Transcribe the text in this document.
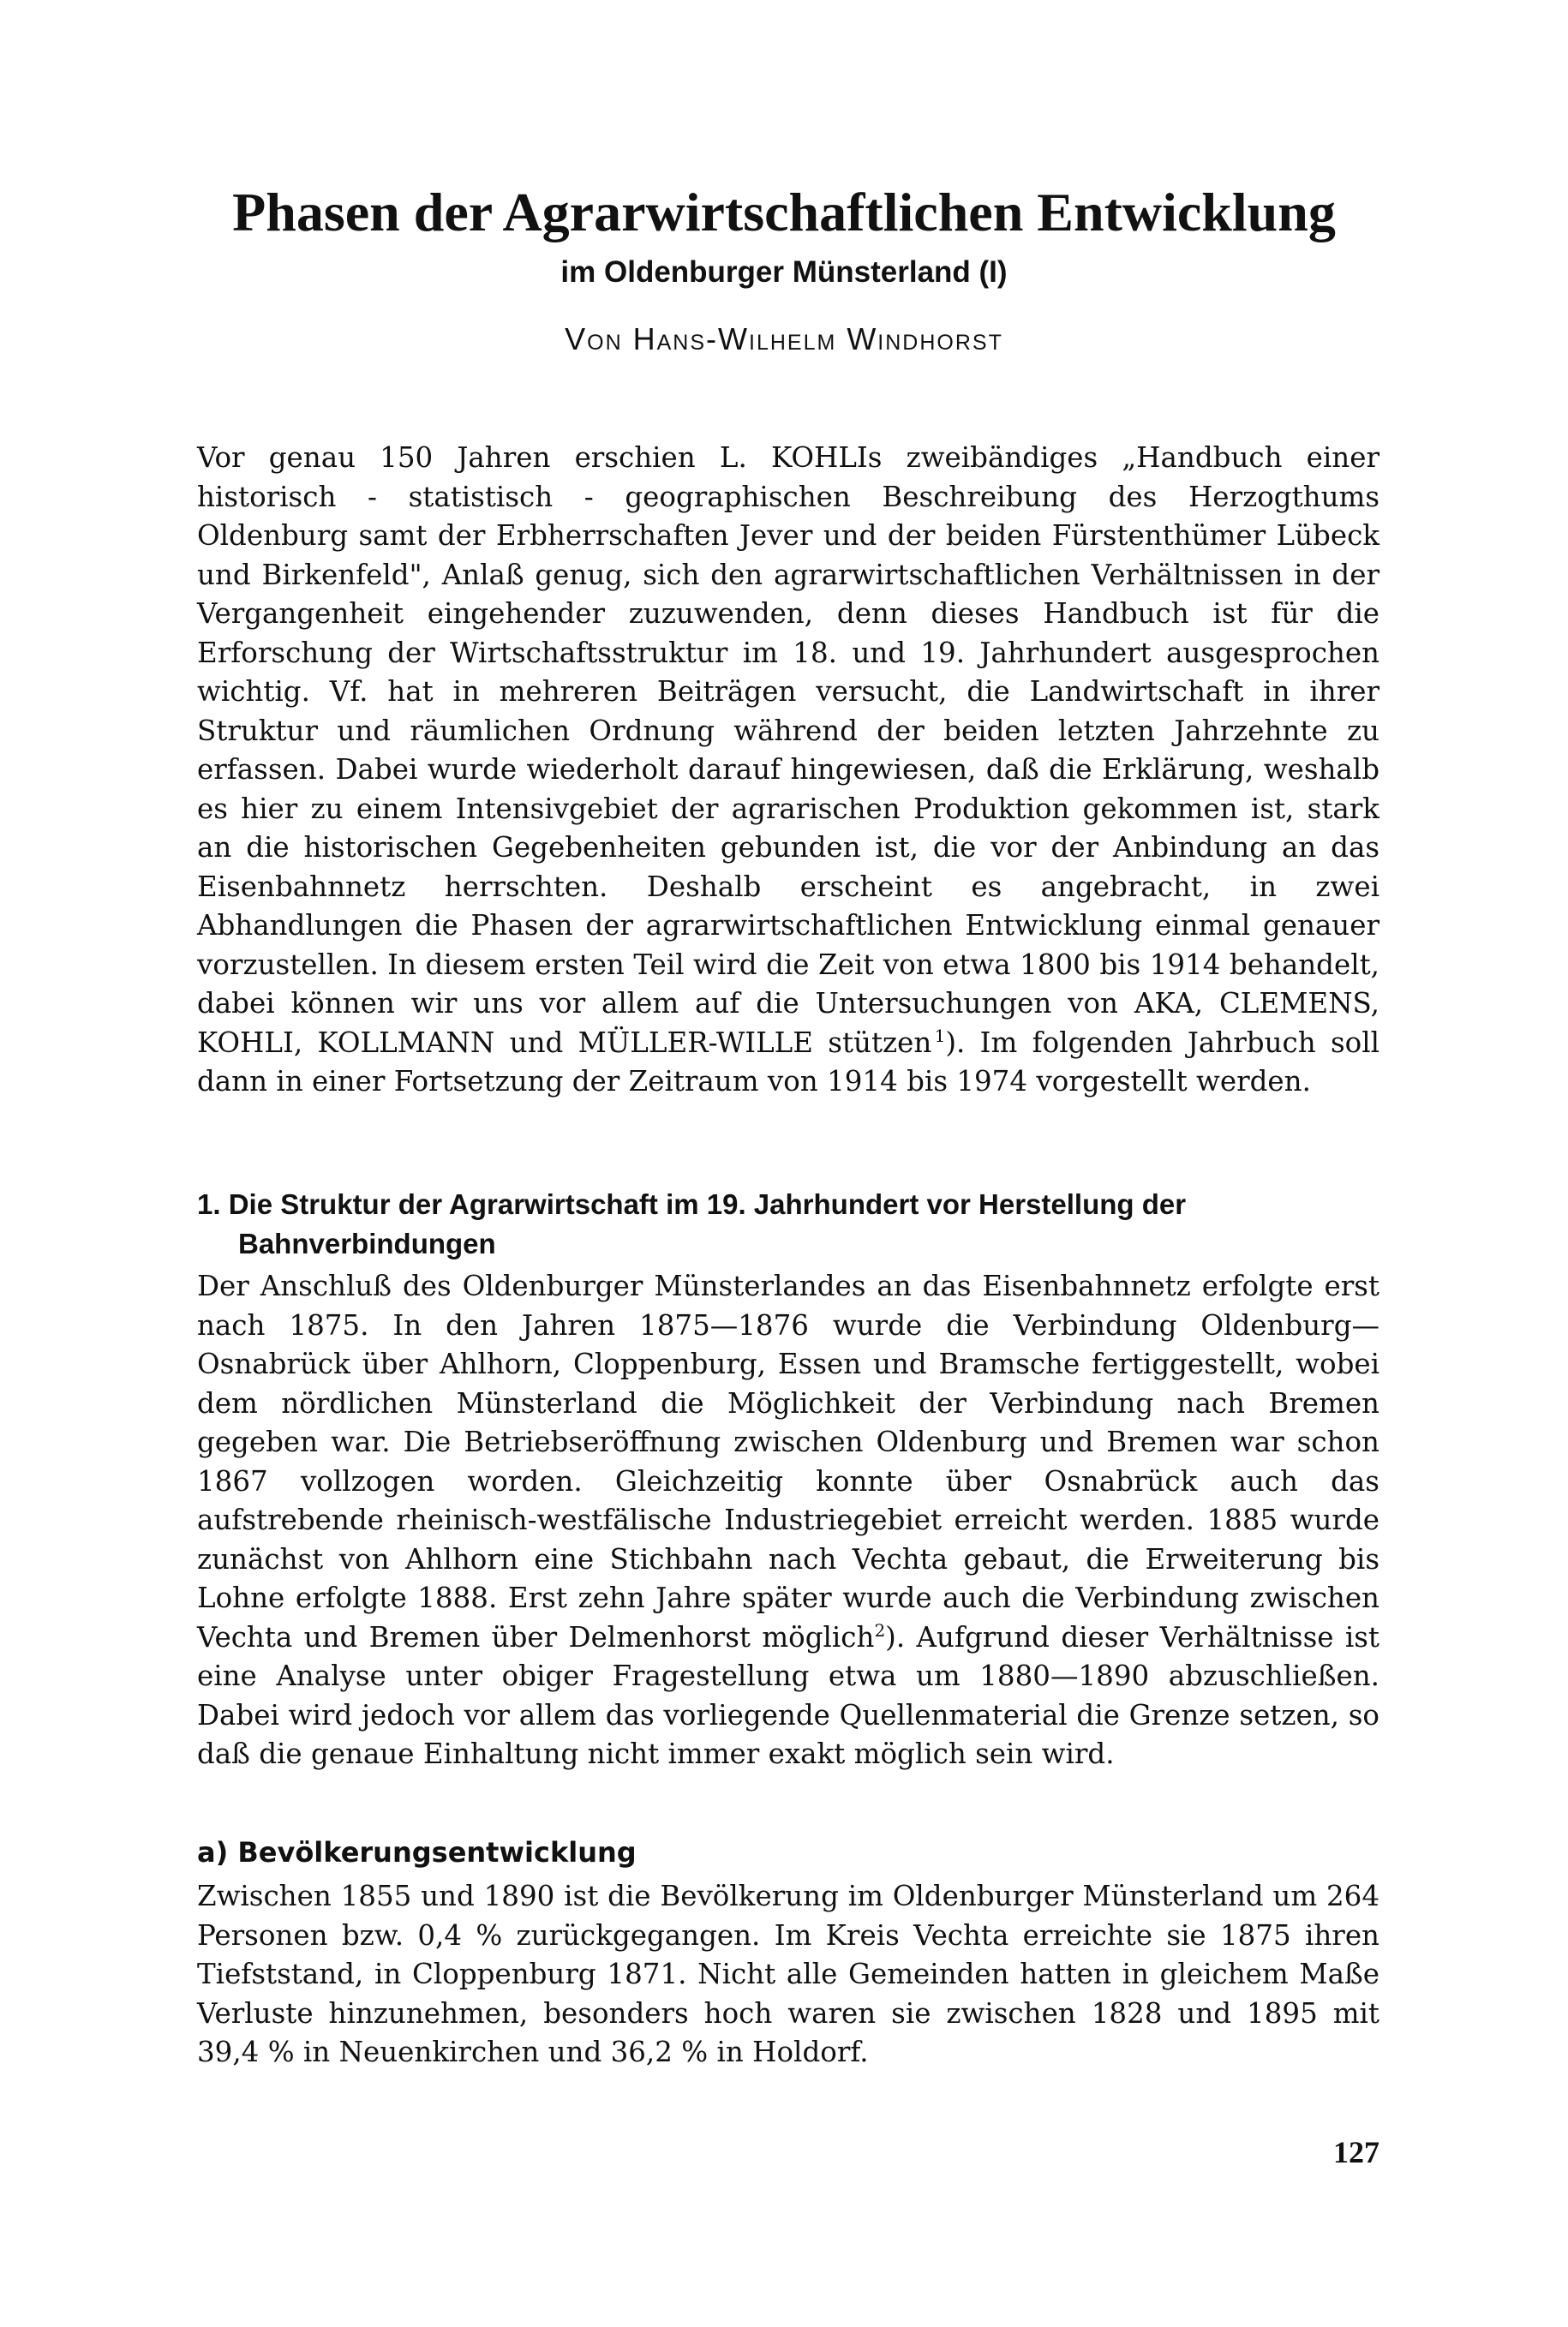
Phasen der Agrarwirtschaftlichen Entwicklung
im Oldenburger Münsterland (I)

Von Hans-Wilhelm Windhorst

Vor genau 150 Jahren erschien L. KOHLIs zweibändiges „Handbuch einer historisch - statistisch - geographischen Beschreibung des Herzogthums Oldenburg samt der Erbherrschaften Jever und der beiden Fürstenthümer Lübeck und Birkenfeld", Anlaß genug, sich den agrarwirtschaftlichen Verhältnissen in der Vergangenheit eingehender zuzuwenden, denn dieses Handbuch ist für die Erforschung der Wirtschaftsstruktur im 18. und 19. Jahrhundert ausgesprochen wichtig. Vf. hat in mehreren Beiträgen versucht, die Landwirtschaft in ihrer Struktur und räumlichen Ordnung während der beiden letzten Jahrzehnte zu erfassen. Dabei wurde wiederholt darauf hingewiesen, daß die Erklärung, weshalb es hier zu einem Intensivgebiet der agrarischen Produktion gekommen ist, stark an die historischen Gegebenheiten gebunden ist, die vor der Anbindung an das Eisenbahnnetz herrschten. Deshalb erscheint es angebracht, in zwei Abhandlungen die Phasen der agrarwirtschaftlichen Entwicklung einmal genauer vorzustellen. In diesem ersten Teil wird die Zeit von etwa 1800 bis 1914 behandelt, dabei können wir uns vor allem auf die Untersuchungen von AKA, CLEMENS, KOHLI, KOLLMANN und MÜLLER-WILLE stützen  $^1$). Im folgenden Jahrbuch soll dann in einer Fortsetzung der Zeitraum von 1914 bis 1974 vorgestellt werden.

1. Die Struktur der Agrarwirtschaft im 19. Jahrhundert vor Herstellung der Bahnverbindungen

Der Anschluß des Oldenburger Münsterlandes an das Eisenbahnnetz erfolgte erst nach 1875. In den Jahren 1875—1876 wurde die Verbindung Oldenburg—Osnabrück über Ahlhorn, Cloppenburg, Essen und Bramsche fertiggestellt, wobei dem nördlichen Münsterland die Möglichkeit der Verbindung nach Bremen gegeben war. Die Betriebseröffnung zwischen Oldenburg und Bremen war schon 1867 vollzogen worden. Gleichzeitig konnte über Osnabrück auch das aufstrebende rheinisch-westfälische Industriegebiet erreicht werden. 1885 wurde zunächst von Ahlhorn eine Stichbahn nach Vechta gebaut, die Erweiterung bis Lohne erfolgte 1888. Erst zehn Jahre später wurde auch die Verbindung zwischen Vechta und Bremen über Delmenhorst möglich$^2$). Aufgrund dieser Verhältnisse ist eine Analyse unter obiger Fragestellung etwa um 1880—1890 abzuschließen. Dabei wird jedoch vor allem das vorliegende Quellenmaterial die Grenze setzen, so daß die genaue Einhaltung nicht immer exakt möglich sein wird.

a) Bevölkerungsentwicklung

Zwischen 1855 und 1890 ist die Bevölkerung im Oldenburger Münsterland um 264 Personen bzw. 0,4 % zurückgegangen. Im Kreis Vechta erreichte sie 1875 ihren Tiefststand, in Cloppenburg 1871. Nicht alle Gemeinden hatten in gleichem Maße Verluste hinzunehmen, besonders hoch waren sie zwischen 1828 und 1895 mit 39,4 % in Neuenkirchen und 36,2 % in Holdorf.

127
